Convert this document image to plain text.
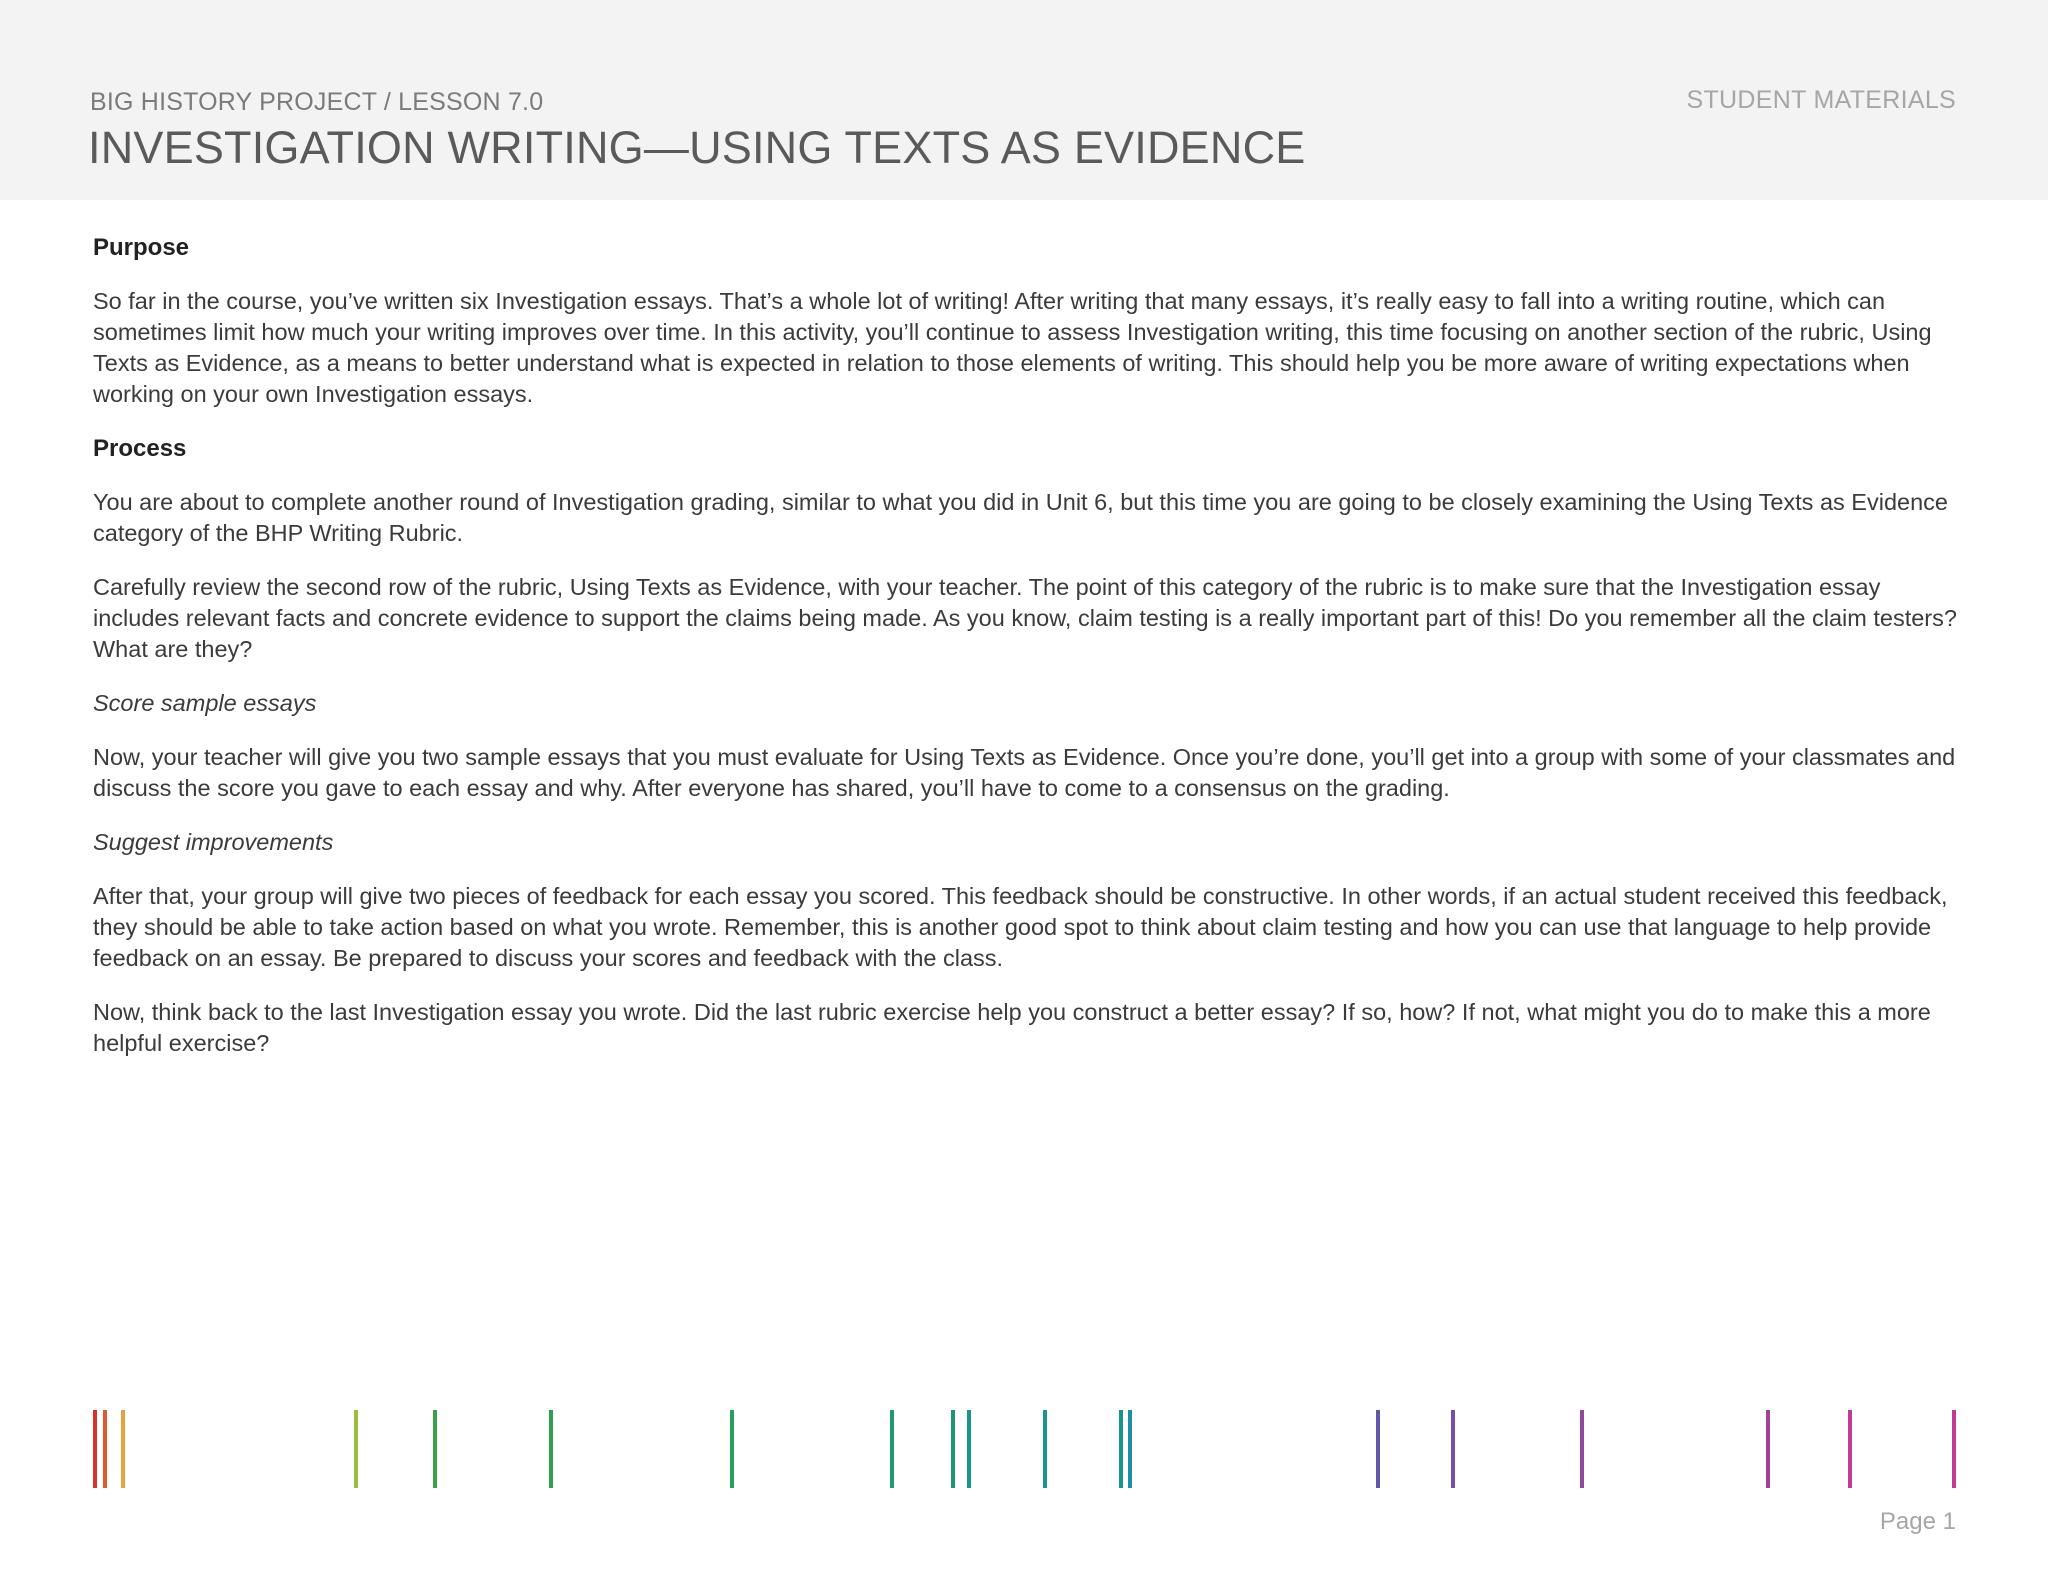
BIG HISTORY PROJECT / LESSON 7.0
INVESTIGATION WRITING—USING TEXTS AS EVIDENCE
STUDENT MATERIALS
Purpose

So far in the course, you’ve written six Investigation essays. That’s a whole lot of writing! After writing that many essays, it’s really easy to fall into a writing routine, which can sometimes limit how much your writing improves over time. In this activity, you’ll continue to assess Investigation writing, this time focusing on another section of the rubric, Using Texts as Evidence, as a means to better understand what is expected in relation to those elements of writing. This should help you be more aware of writing expectations when working on your own Investigation essays.

Process

You are about to complete another round of Investigation grading, similar to what you did in Unit 6, but this time you are going to be closely examining the Using Texts as Evidence category of the BHP Writing Rubric.

Carefully review the second row of the rubric, Using Texts as Evidence, with your teacher. The point of this category of the rubric is to make sure that the Investigation essay includes relevant facts and concrete evidence to support the claims being made. As you know, claim testing is a really important part of this! Do you remember all the claim testers? What are they?

Score sample essays

Now, your teacher will give you two sample essays that you must evaluate for Using Texts as Evidence. Once you’re done, you’ll get into a group with some of your classmates and discuss the score you gave to each essay and why. After everyone has shared, you’ll have to come to a consensus on the grading.

Suggest improvements

After that, your group will give two pieces of feedback for each essay you scored. This feedback should be constructive. In other words, if an actual student received this feedback, they should be able to take action based on what you wrote. Remember, this is another good spot to think about claim testing and how you can use that language to help provide feedback on an essay. Be prepared to discuss your scores and feedback with the class.

Now, think back to the last Investigation essay you wrote. Did the last rubric exercise help you construct a better essay? If so, how? If not, what might you do to make this a more helpful exercise?

Page 1
